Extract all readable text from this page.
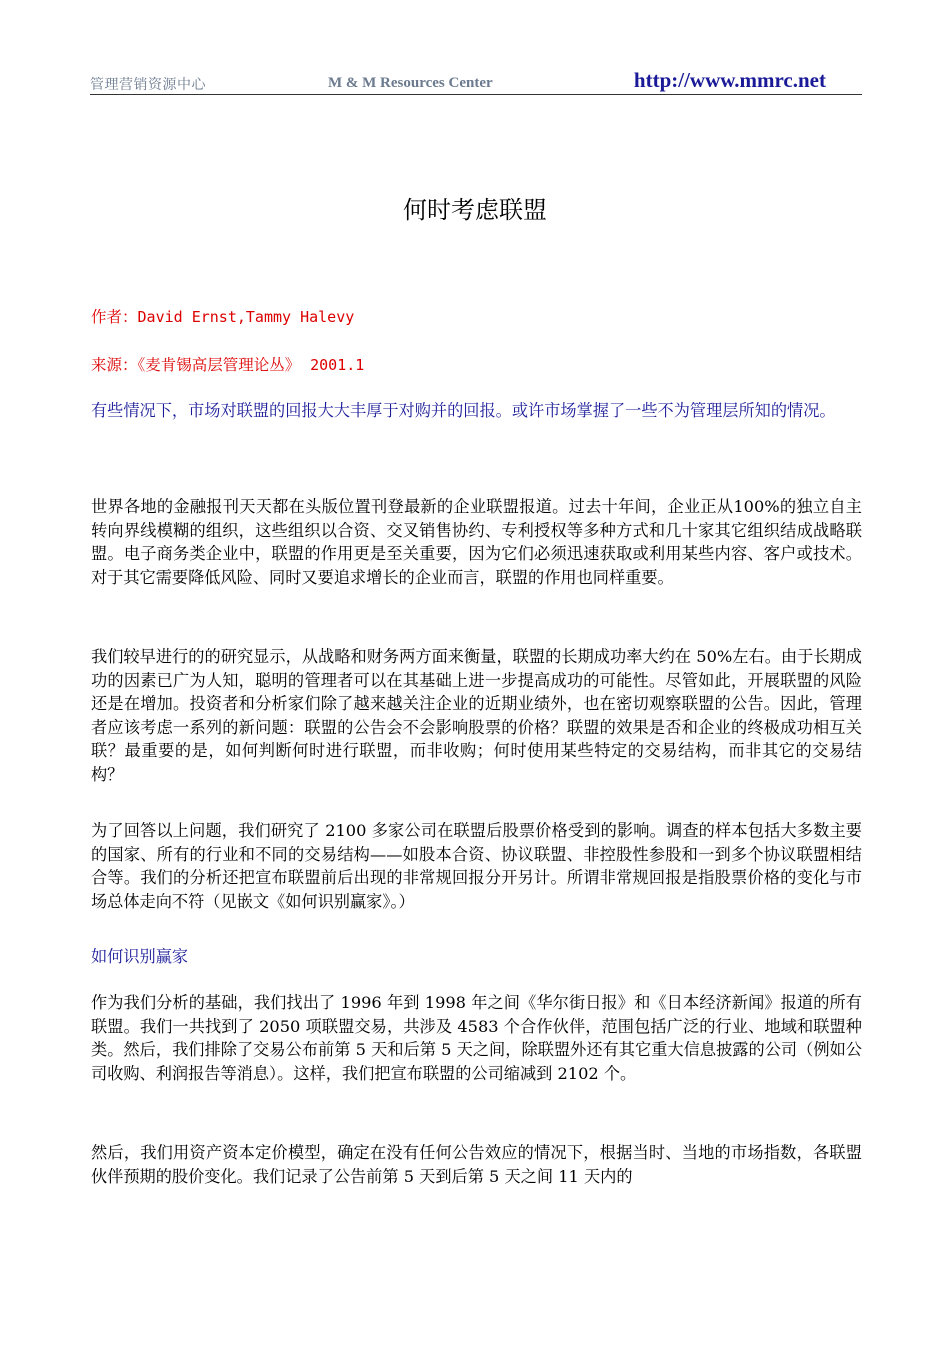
管理营销资源中心	M & M Resources Center	http://www.mmrc.net
何时考虑联盟
作者：David Ernst,Tammy Halevy
来源：《麦肯锡高层管理论丛》 2001.1
有些情况下，市场对联盟的回报大大丰厚于对购并的回报。或许市场掌握了一些不为管理层所知的情况。
世界各地的金融报刊天天都在头版位置刊登最新的企业联盟报道。过去十年间，企业正从100%的独立自主转向界线模糊的组织，这些组织以合资、交叉销售协约、专利授权等多种方式和几十家其它组织结成战略联盟。电子商务类企业中，联盟的作用更是至关重要，因为它们必须迅速获取或利用某些内容、客户或技术。对于其它需要降低风险、同时又要追求增长的企业而言，联盟的作用也同样重要。
我们较早进行的的研究显示，从战略和财务两方面来衡量，联盟的长期成功率大约在 50%左右。由于长期成功的因素已广为人知，聪明的管理者可以在其基础上进一步提高成功的可能性。尽管如此，开展联盟的风险还是在增加。投资者和分析家们除了越来越关注企业的近期业绩外，也在密切观察联盟的公告。因此，管理者应该考虑一系列的新问题：联盟的公告会不会影响股票的价格？联盟的效果是否和企业的终极成功相互关联？最重要的是，如何判断何时进行联盟，而非收购；何时使用某些特定的交易结构，而非其它的交易结构？
为了回答以上问题，我们研究了 2100 多家公司在联盟后股票价格受到的影响。调查的样本包括大多数主要的国家、所有的行业和不同的交易结构——如股本合资、协议联盟、非控股性参股和一到多个协议联盟相结合等。我们的分析还把宣布联盟前后出现的非常规回报分开另计。所谓非常规回报是指股票价格的变化与市场总体走向不符（见嵌文《如何识别赢家》。）
如何识别赢家
作为我们分析的基础，我们找出了 1996 年到 1998 年之间《华尔街日报》和《日本经济新闻》报道的所有联盟。我们一共找到了 2050 项联盟交易，共涉及 4583 个合作伙伴，范围包括广泛的行业、地域和联盟种类。然后，我们排除了交易公布前第 5 天和后第 5 天之间，除联盟外还有其它重大信息披露的公司（例如公司收购、利润报告等消息）。这样，我们把宣布联盟的公司缩减到 2102 个。
然后，我们用资产资本定价模型，确定在没有任何公告效应的情况下，根据当时、当地的市场指数，各联盟伙伴预期的股价变化。我们记录了公告前第 5 天到后第 5 天之间 11 天内的
